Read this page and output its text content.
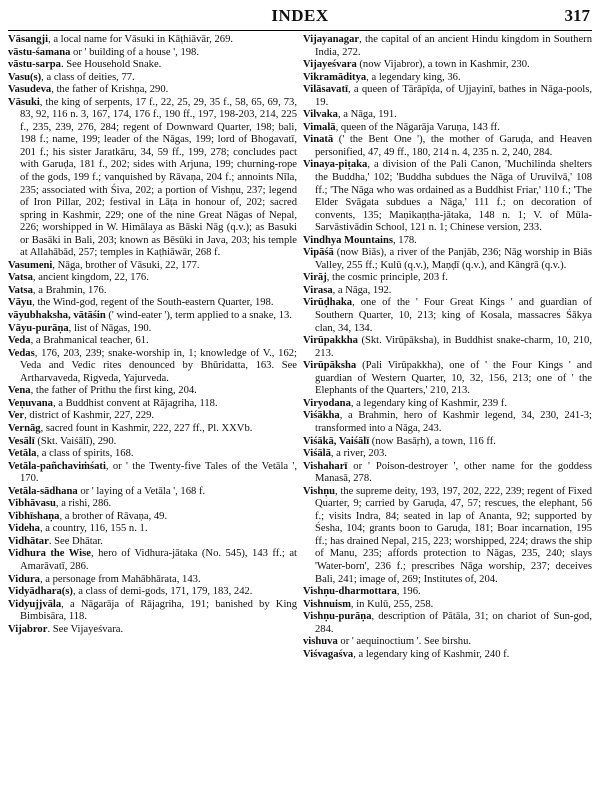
INDEX	317

Vāsangji, a local name for Vāsuki in Kāṭhiāvār, 269.

vāstu-śamana or ' building of a house ', 198.

vāstu-sarpa. See Household Snake.

Vasu(s), a class of deities, 77.

Vasudeva, the father of Krishṇa, 290.

Vāsuki, the king of serpents, 17 f., 22, 25, 29, 35 f., 58, 65, 69, 73, 83, 92, 116 n. 3, 167, 174, 176 f., 190 ff., 197, 198-203, 214, 225 f., 235, 239, 276, 284; regent of Downward Quarter, 198; bali, 198 f.; name, 199; leader of the Nāgas, 199; lord of Bhogavatī, 201 f.; his sister Jaratkāru, 34, 59 ff., 199, 278; concludes pact with Garuḍa, 181 f., 202; sides with Arjuna, 199; churning-rope of the gods, 199 f.; vanquished by Rāvaṇa, 204 f.; annoints Nīla, 235; associated with Śiva, 202; a portion of Vishṇu, 237; legend of Iron Pillar, 202; festival in Lāṭa in honour of, 202; sacred spring in Kashmir, 229; one of the nine Great Nāgas of Nepal, 226; worshipped in W. Himālaya as Bāski Nāg (q.v.); as Basuki or Basāki in Bali, 203; known as Bēsūki in Java, 203; his temple at Allahābād, 257; temples in Kaṭhiāwār, 268 f.

Vasumeni, Nāga, brother of Vāsuki, 22, 177.

Vatsa, ancient kingdom, 22, 176.

Vatsa, a Brahmin, 176.

Vāyu, the Wind-god, regent of the South-eastern Quarter, 198.

vāyubhaksha, vātāśin (' wind-eater '), term applied to a snake, 13.

Vāyu-purāṇa, list of Nāgas, 190.

Veda, a Brahmanical teacher, 61.

Vedas, 176, 203, 239; snake-worship in, 1; knowledge of V., 162; Veda and Vedic rites denounced by Bhūridatta, 163. See Artharvaveda, Rigveda, Yajurveda.

Vena, the father of Prithu the first king, 204.

Veṇuvana, a Buddhist convent at Rājagriha, 118.

Ver, district of Kashmir, 227, 229.

Vernāg, sacred fount in Kashmir, 222, 227 ff., Pl. XXVb.

Vesālī (Skt. Vaiśālī), 290.

Vetāla, a class of spirits, 168.

Vetāla-pañchaviṁśati, or ' the Twenty-five Tales of the Vetāla ', 170.

Vetāla-sādhana or ' laying of a Vetāla ', 168 f.

Vibhāvasu, a rishi, 286.

Vibhīshaṇa, a brother of Rāvaṇa, 49.

Videha, a country, 116, 155 n. 1.

Vidhātar. See Dhātar.

Vidhura the Wise, hero of Vidhura-jātaka (No. 545), 143 ff.; at Amarāvatī, 286.

Vidura, a personage from Mahābhārata, 143.

Vidyādhara(s), a class of demi-gods, 171, 179, 183, 242.

Vidyujjvāla, a Nāgarāja of Rājagriha, 191; banished by King Bimbisāra, 118.

Vijabror. See Vijayeśvara.

Vijayanagar, the capital of an ancient Hindu kingdom in Southern India, 272.

Vijayeśvara (now Vijabror), a town in Kashmir, 230.

Vikramāditya, a legendary king, 36.

Vilāsavatī, a queen of Tārāpīḍa, of Ujjayinī, bathes in Nāga-pools, 19.

Vilvaka, a Nāga, 191.

Vimalā, queen of the Nāgarāja Varuṇa, 143 ff.

Vinatā (' the Bent One '), the mother of Garuḍa, and Heaven personified, 47, 49 ff., 180, 214 n. 4, 235 n. 2, 240, 284.

Vinaya-piṭaka, a division of the Pali Canon, 'Muchilinda shelters the Buddha,' 102; 'Buddha subdues the Nāga of Uruvilvā,' 108 ff.; 'The Nāga who was ordained as a Buddhist Friar,' 110 f.; 'The Elder Svāgata subdues a Nāga,' 111 f.; on decoration of convents, 135; Maṇikaṇṭha-jātaka, 148 n. 1; V. of Mūla-Sarvāstivādin School, 121 n. 1; Chinese version, 233.

Vindhya Mountains, 178.

Vipāśā (now Biās), a river of the Panjāb, 236; Nāg worship in Biās Valley, 255 ff.; Kulū (q.v.), Maṇḍī (q.v.), and Kāngrā (q.v.).

Virāj, the cosmic principle, 203 f.

Virasa, a Nāga, 192.

Virūḍhaka, one of the ' Four Great Kings ' and guardian of Southern Quarter, 10, 213; king of Kosala, massacres Śākya clan, 34, 134.

Virūpakkha (Skt. Virūpāksha), in Buddhist snake-charm, 10, 210, 213.

Virūpāksha (Pali Virūpakkha), one of ' the Four Kings ' and guardian of Western Quarter, 10, 32, 156, 213; one of ' the Elephants of the Quarters,' 210, 213.

Viryodana, a legendary king of Kashmir, 239 f.

Viśākha, a Brahmin, hero of Kashmir legend, 34, 230, 241-3; transformed into a Nāga, 243.

Viśākā, Vaiśālī (now Basāṛh), a town, 116 ff.

Viśālā, a river, 203.

Vishaharī or ' Poison-destroyer ', other name for the goddess Manasā, 278.

Vishṇu, the supreme deity, 193, 197, 202, 222, 239; regent of Fixed Quarter, 9; carried by Garuḍa, 47, 57; rescues, the elephant, 56 f.; visits Indra, 84; seated in lap of Ananta, 92; supported by Śesha, 104; grants boon to Garuḍa, 181; Boar incarnation, 195 ff.; has drained Nepal, 215, 223; worshipped, 224; draws the ship of Manu, 235; affords protection to Nāgas, 235, 240; slays 'Water-born', 236 f.; prescribes Nāga worship, 237; deceives Bali, 241; image of, 269; Institutes of, 204.

Vishṇu-dharmottara, 196.

Vishnuism, in Kulū, 255, 258.

Vishṇu-purāṇa, description of Pātāla, 31; on chariot of Sun-god, 284.

vishuva or ' aequinoctium '. See birshu.

Viśvagaśva, a legendary king of Kashmir, 240 f.
